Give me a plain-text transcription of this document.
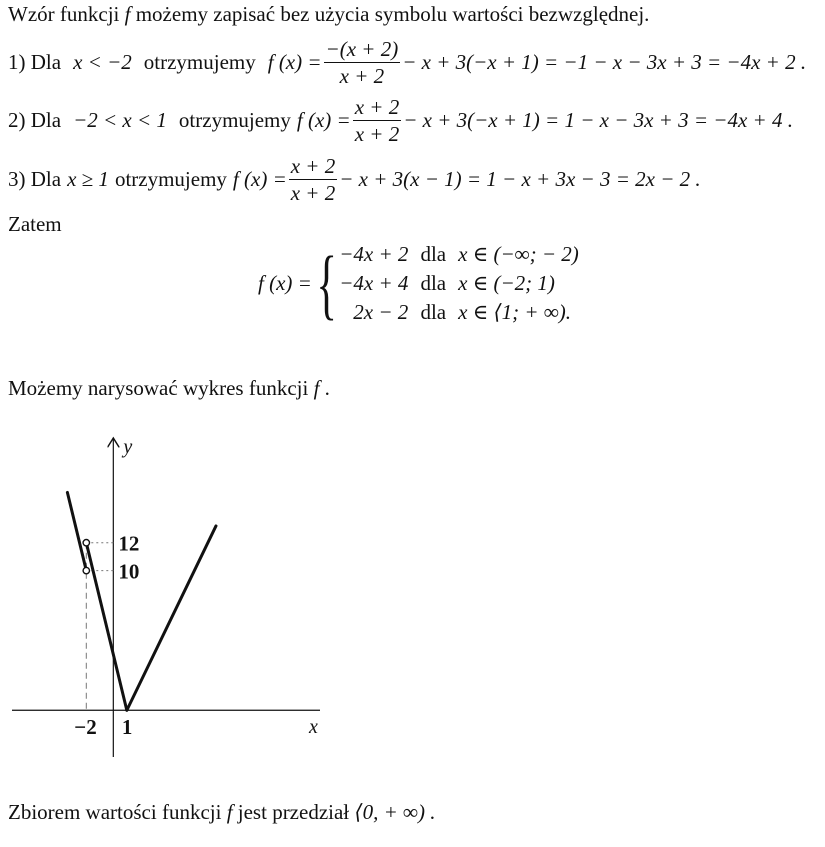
Wzór funkcji f możemy zapisać bez użycia symbolu wartości bezwzględnej.
1) Dla x < −2 otrzymujemy f $(x) = \frac{-(x + 2)}{x + 2} - x + 3(-x + 1) = -1 - x - 3x + 3 = -4x + 2$ .
2) Dla −2 < x < 1 otrzymujemy f $(x) = \frac{x + 2}{x + 2} - x + 3(-x + 1) = 1 - x - 3x + 3 = -4x + 4$ .
3) Dla x ≥ 1 otrzymujemy f $(x) = \frac{x + 2}{x + 2} - x + 3(x - 1) = 1 - x + 3x - 3 = 2x - 2$ .
Zatem
f (x) = { −4x + 2	dla	x ∈ (−∞; − 2)
−4x + 4	dla	x ∈ (−2; 1)
2x − 2	dla	x ∈ ⟨1; + ∞).
Możemy narysować wykres funkcji f .
y
x
−2 1
12
10
Zbiorem wartości funkcji f jest przedział ⟨0, + ∞) .
